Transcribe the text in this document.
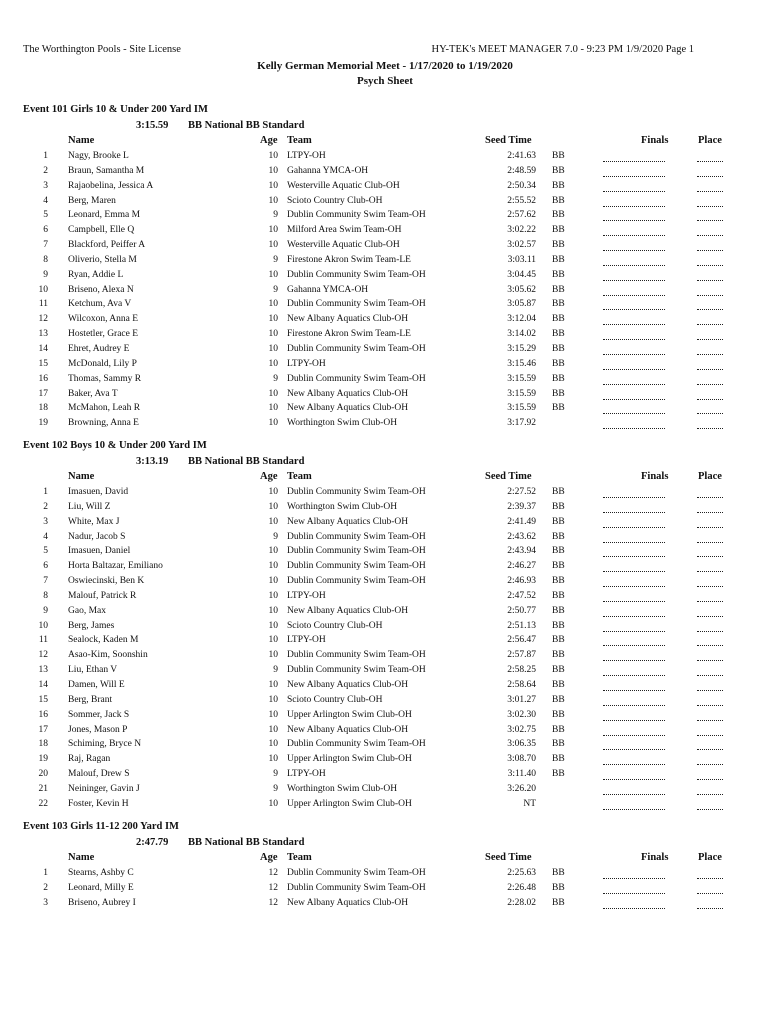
The Worthington Pools - Site License	HY-TEK's MEET MANAGER 7.0 - 9:23 PM 1/9/2020 Page 1
Kelly German Memorial Meet - 1/17/2020 to 1/19/2020
Psych Sheet
Event 101 Girls 10 & Under 200 Yard IM
3:15.59 BB National BB Standard
Name	Age Team	Seed Time	Finals	Place
1 Nagy, Brooke L	10 LTPY-OH	2:41.63 BB
2 Braun, Samantha M	10 Gahanna YMCA-OH	2:48.59 BB
3 Rajaobelina, Jessica A	10 Westerville Aquatic Club-OH	2:50.34 BB
4 Berg, Maren	10 Scioto Country Club-OH	2:55.52 BB
5 Leonard, Emma M	9 Dublin Community Swim Team-OH	2:57.62 BB
6 Campbell, Elle Q	10 Milford Area Swim Team-OH	3:02.22 BB
7 Blackford, Peiffer A	10 Westerville Aquatic Club-OH	3:02.57 BB
8 Oliverio, Stella M	9 Firestone Akron Swim Team-LE	3:03.11 BB
9 Ryan, Addie L	10 Dublin Community Swim Team-OH	3:04.45 BB
10 Briseno, Alexa N	9 Gahanna YMCA-OH	3:05.62 BB
11 Ketchum, Ava V	10 Dublin Community Swim Team-OH	3:05.87 BB
12 Wilcoxon, Anna E	10 New Albany Aquatics Club-OH	3:12.04 BB
13 Hostetler, Grace E	10 Firestone Akron Swim Team-LE	3:14.02 BB
14 Ehret, Audrey E	10 Dublin Community Swim Team-OH	3:15.29 BB
15 McDonald, Lily P	10 LTPY-OH	3:15.46 BB
16 Thomas, Sammy R	9 Dublin Community Swim Team-OH	3:15.59 BB
17 Baker, Ava T	10 New Albany Aquatics Club-OH	3:15.59 BB
18 McMahon, Leah R	10 New Albany Aquatics Club-OH	3:15.59 BB
19 Browning, Anna E	10 Worthington Swim Club-OH	3:17.92
Event 102 Boys 10 & Under 200 Yard IM
3:13.19 BB National BB Standard
Name	Age Team	Seed Time	Finals	Place
1 Imasuen, David	10 Dublin Community Swim Team-OH	2:27.52 BB
2 Liu, Will Z	10 Worthington Swim Club-OH	2:39.37 BB
3 White, Max J	10 New Albany Aquatics Club-OH	2:41.49 BB
4 Nadur, Jacob S	9 Dublin Community Swim Team-OH	2:43.62 BB
5 Imasuen, Daniel	10 Dublin Community Swim Team-OH	2:43.94 BB
6 Horta Baltazar, Emiliano	10 Dublin Community Swim Team-OH	2:46.27 BB
7 Oswiecinski, Ben K	10 Dublin Community Swim Team-OH	2:46.93 BB
8 Malouf, Patrick R	10 LTPY-OH	2:47.52 BB
9 Gao, Max	10 New Albany Aquatics Club-OH	2:50.77 BB
10 Berg, James	10 Scioto Country Club-OH	2:51.13 BB
11 Sealock, Kaden M	10 LTPY-OH	2:56.47 BB
12 Asao-Kim, Soonshin	10 Dublin Community Swim Team-OH	2:57.87 BB
13 Liu, Ethan V	9 Dublin Community Swim Team-OH	2:58.25 BB
14 Damen, Will E	10 New Albany Aquatics Club-OH	2:58.64 BB
15 Berg, Brant	10 Scioto Country Club-OH	3:01.27 BB
16 Sommer, Jack S	10 Upper Arlington Swim Club-OH	3:02.30 BB
17 Jones, Mason P	10 New Albany Aquatics Club-OH	3:02.75 BB
18 Schiming, Bryce N	10 Dublin Community Swim Team-OH	3:06.35 BB
19 Raj, Ragan	10 Upper Arlington Swim Club-OH	3:08.70 BB
20 Malouf, Drew S	9 LTPY-OH	3:11.40 BB
21 Neininger, Gavin J	9 Worthington Swim Club-OH	3:26.20
22 Foster, Kevin H	10 Upper Arlington Swim Club-OH	NT
Event 103 Girls 11-12 200 Yard IM
2:47.79 BB National BB Standard
Name	Age Team	Seed Time	Finals	Place
1 Stearns, Ashby C	12 Dublin Community Swim Team-OH	2:25.63 BB
2 Leonard, Milly E	12 Dublin Community Swim Team-OH	2:26.48 BB
3 Briseno, Aubrey I	12 New Albany Aquatics Club-OH	2:28.02 BB
